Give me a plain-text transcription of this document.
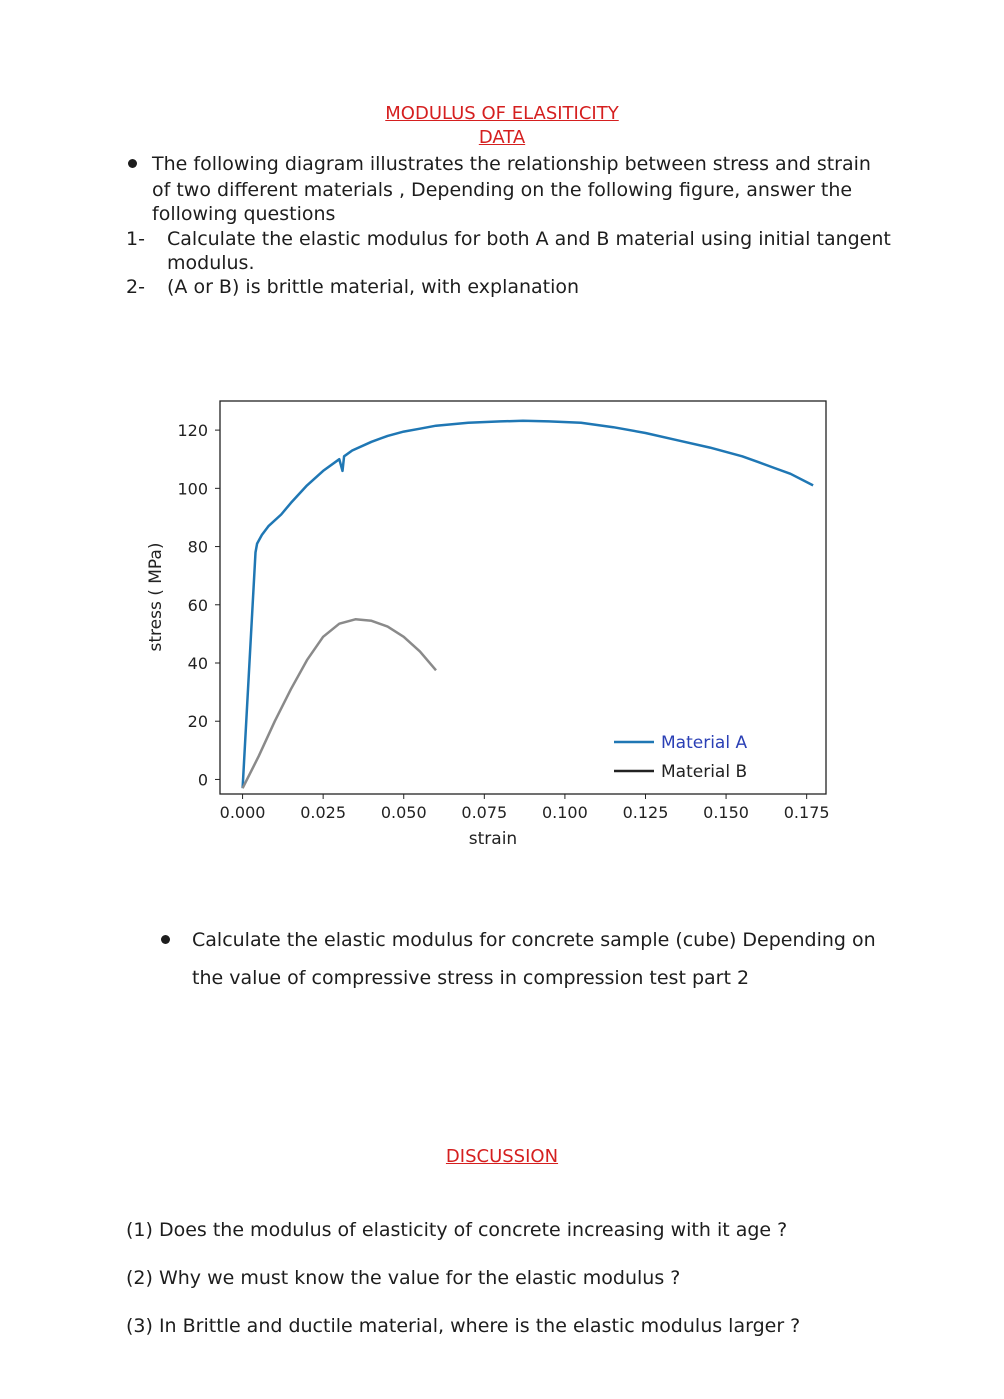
MODULUS OF ELASITICITY
DATA

The following diagram illustrates the relationship between stress and strain

of two different materials , Depending on the following figure, answer the

following questions

1- Calculate the elastic modulus for both A and B material using initial tangent

modulus.

2- (A or B) is brittle material, with explanation

0.000 0.025 0.050 0.075 0.100 0.125 0.150 0.175
0
20
40
60
80
100
120
stress ( MPa)
strain
Material A
Material B

Calculate the elastic modulus for concrete sample (cube) Depending on

the value of compressive stress in compression test part 2

DISCUSSION

(1) Does the modulus of elasticity of concrete increasing with it age ?

(2) Why we must know the value for the elastic modulus ?

(3) In Brittle and ductile material, where is the elastic modulus larger ?
